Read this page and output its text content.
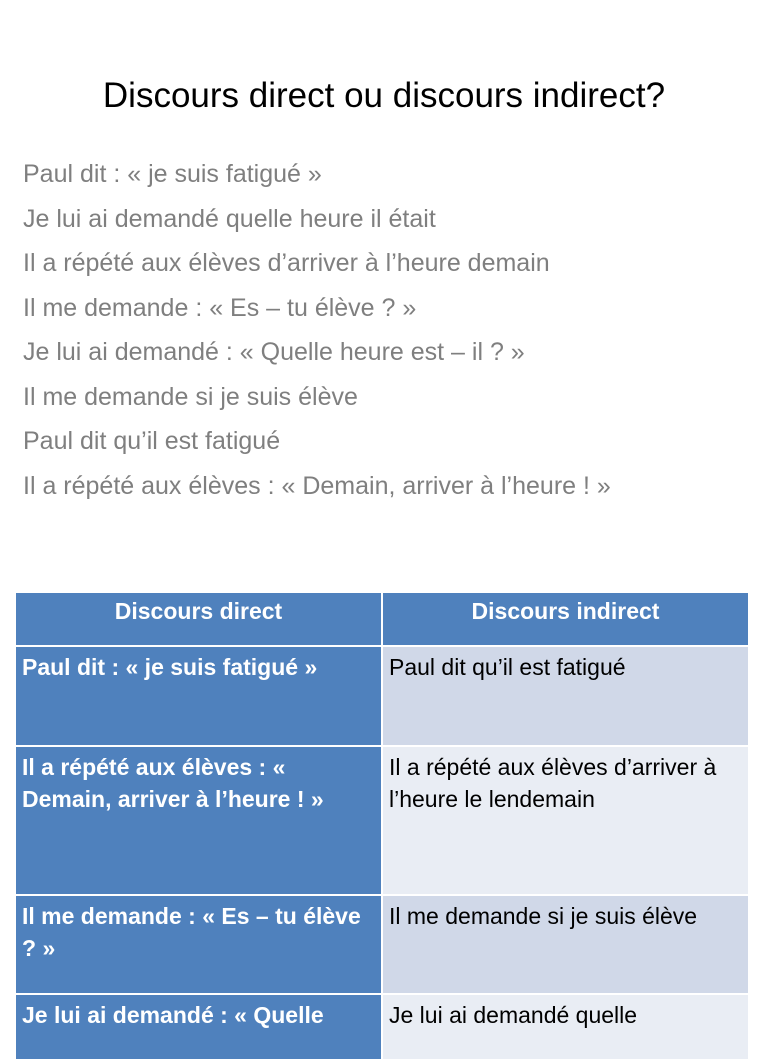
Discours direct ou discours indirect?
Paul dit : « je suis fatigué »
Je lui ai demandé quelle heure il était
Il a répété aux élèves d’arriver à l’heure demain
Il me demande : « Es – tu élève ? »
Je lui ai demandé : « Quelle heure est – il ? »
Il me demande si je suis élève
Paul dit qu’il est fatigué
Il a répété aux élèves : « Demain, arriver à l’heure ! »
Discours direct	Discours indirect
Paul dit : « je suis fatigué »	Paul dit qu’il est fatigué
Il a répété aux élèves : « Demain, arriver à l’heure ! »	Il a répété aux élèves d’arriver à l’heure le lendemain
Il me demande : « Es – tu élève ? »	Il me demande si je suis élève
Je lui ai demandé : « Quelle	Je lui ai demandé quelle
